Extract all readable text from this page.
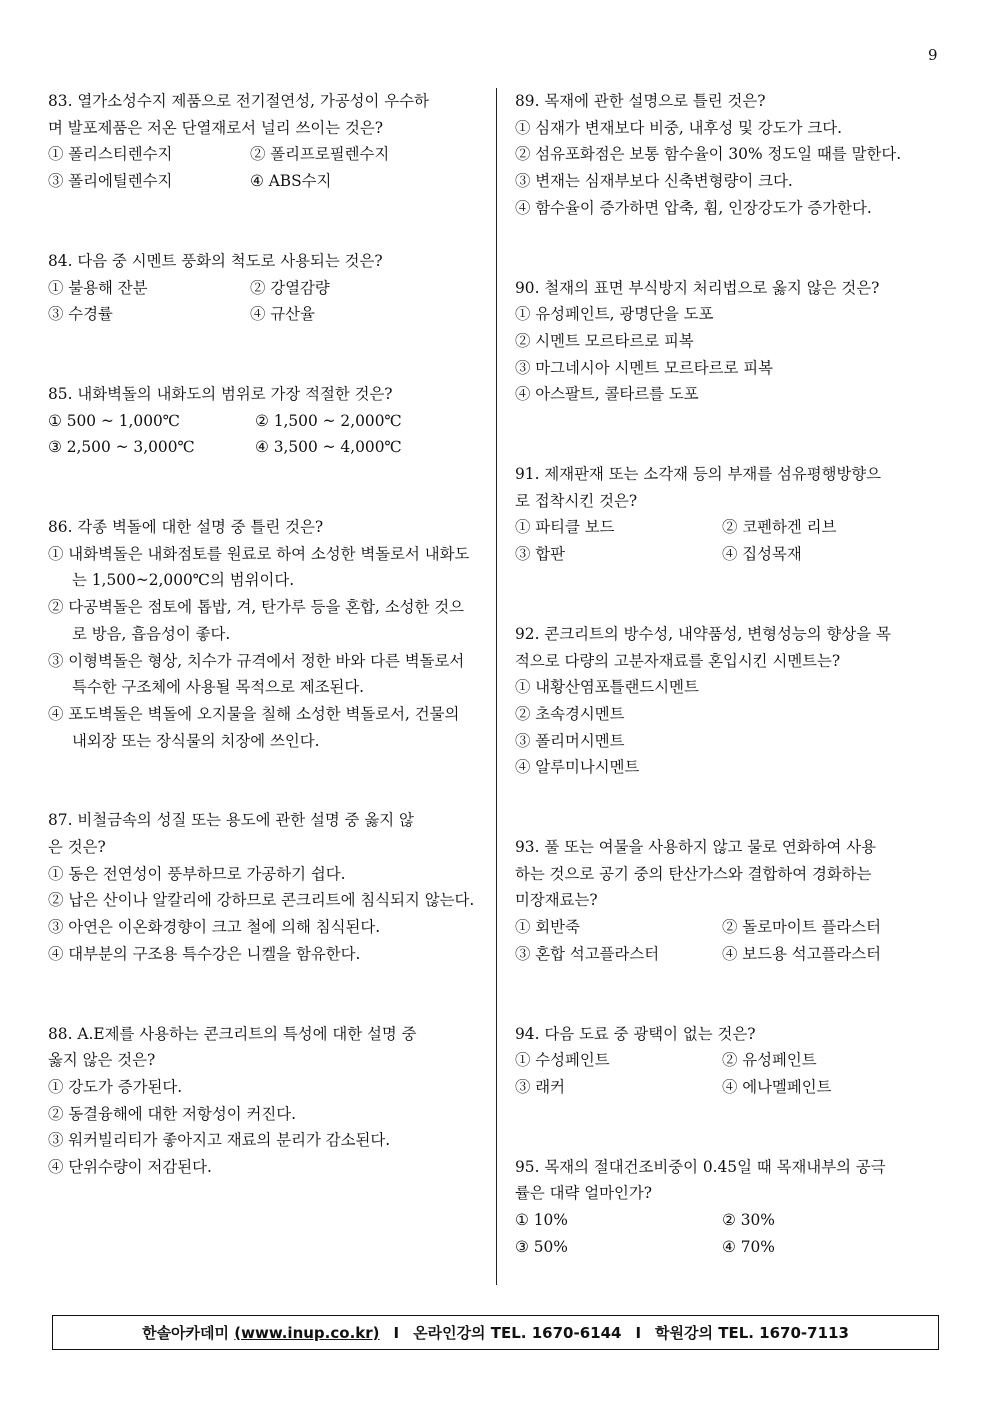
9

83. 열가소성수지 제품으로 전기절연성, 가공성이 우수하

며 발포제품은 저온 단열재로서 널리 쓰이는 것은?

① 폴리스티렌수지	② 폴리프로필렌수지
③ 폴리에틸렌수지	④ ABS수지

84. 다음 중 시멘트 풍화의 척도로 사용되는 것은?

① 불용해 잔분	② 강열감량
③ 수경률	④ 규산율

85. 내화벽돌의 내화도의 범위로 가장 적절한 것은?

① 500 ~ 1,000℃	② 1,500 ~ 2,000℃
③ 2,500 ~ 3,000℃	④ 3,500 ~ 4,000℃

86. 각종 벽돌에 대한 설명 중 틀린 것은?

① 내화벽돌은 내화점토를 원료로 하여 소성한 벽돌로서 내화도는 1,500~2,000℃의 범위이다.

② 다공벽돌은 점토에 톱밥, 겨, 탄가루 등을 혼합, 소성한 것으로 방음, 흡음성이 좋다.

③ 이형벽돌은 형상, 치수가 규격에서 정한 바와 다른 벽돌로서 특수한 구조체에 사용될 목적으로 제조된다.

④ 포도벽돌은 벽돌에 오지물을 칠해 소성한 벽돌로서, 건물의 내외장 또는 장식물의 치장에 쓰인다.

87. 비철금속의 성질 또는 용도에 관한 설명 중 옳지 않

은 것은?

① 동은 전연성이 풍부하므로 가공하기 쉽다.

② 납은 산이나 알칼리에 강하므로 콘크리트에 침식되지 않는다.

③ 아연은 이온화경향이 크고 철에 의해 침식된다.

④ 대부분의 구조용 특수강은 니켈을 함유한다.

88. A.E제를 사용하는 콘크리트의 특성에 대한 설명 중

옳지 않은 것은?

① 강도가 증가된다.

② 동결융해에 대한 저항성이 커진다.

③ 워커빌리티가 좋아지고 재료의 분리가 감소된다.

④ 단위수량이 저감된다.

89. 목재에 관한 설명으로 틀린 것은?

① 심재가 변재보다 비중, 내후성 및 강도가 크다.

② 섬유포화점은 보통 함수율이 30% 정도일 때를 말한다.

③ 변재는 심재부보다 신축변형량이 크다.

④ 함수율이 증가하면 압축, 휨, 인장강도가 증가한다.

90. 철재의 표면 부식방지 처리법으로 옳지 않은 것은?

① 유성페인트, 광명단을 도포

② 시멘트 모르타르로 피복

③ 마그네시아 시멘트 모르타르로 피복

④ 아스팔트, 콜타르를 도포

91. 제재판재 또는 소각재 등의 부재를 섬유평행방향으

로 접착시킨 것은?

① 파티클 보드	② 코펜하겐 리브
③ 합판	④ 집성목재

92. 콘크리트의 방수성, 내약품성, 변형성능의 향상을 목

적으로 다량의 고분자재료를 혼입시킨 시멘트는?

① 내황산염포틀랜드시멘트

② 초속경시멘트

③ 폴리머시멘트

④ 알루미나시멘트

93. 풀 또는 여물을 사용하지 않고 물로 연화하여 사용

하는 것으로 공기 중의 탄산가스와 결합하여 경화하는

미장재료는?

① 회반죽	② 돌로마이트 플라스터
③ 혼합 석고플라스터	④ 보드용 석고플라스터

94. 다음 도료 중 광택이 없는 것은?

① 수성페인트	② 유성페인트
③ 래커	④ 에나멜페인트

95. 목재의 절대건조비중이 0.45일 때 목재내부의 공극

률은 대략 얼마인가?

① 10%	② 30%
③ 50%	④ 70%
한솔아카데미
(www.inup.co.kr) I 온라인강의 TEL. 1670-6144 I 학원강의 TEL. 1670-7113
